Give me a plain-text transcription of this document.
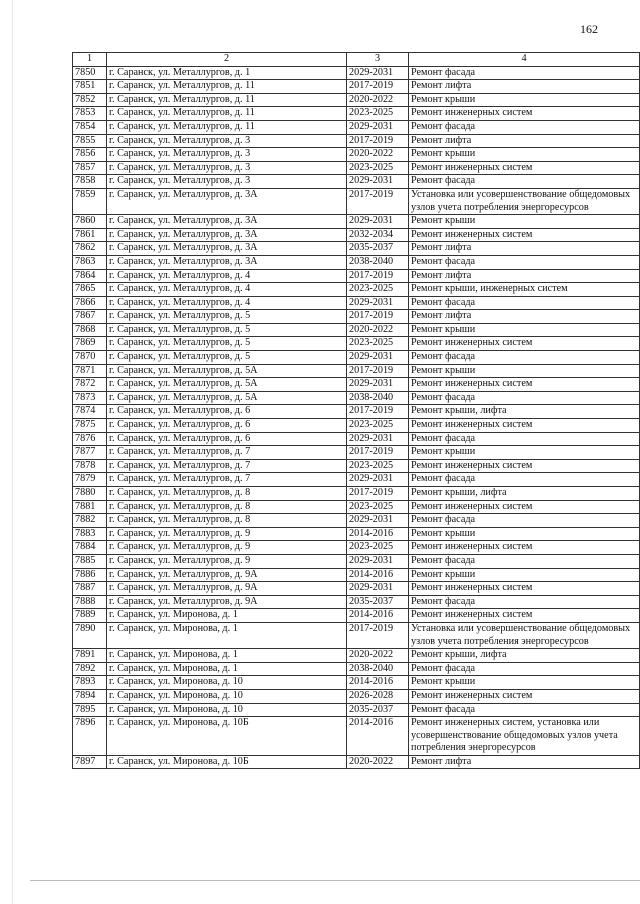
162
1	2	3	4
7850	г. Саранск, ул. Металлургов, д. 1	2029-2031	Ремонт фасада
7851	г. Саранск, ул. Металлургов, д. 11	2017-2019	Ремонт лифта
7852	г. Саранск, ул. Металлургов, д. 11	2020-2022	Ремонт крыши
7853	г. Саранск, ул. Металлургов, д. 11	2023-2025	Ремонт инженерных систем
7854	г. Саранск, ул. Металлургов, д. 11	2029-2031	Ремонт фасада
7855	г. Саранск, ул. Металлургов, д. 3	2017-2019	Ремонт лифта
7856	г. Саранск, ул. Металлургов, д. 3	2020-2022	Ремонт крыши
7857	г. Саранск, ул. Металлургов, д. 3	2023-2025	Ремонт инженерных систем
7858	г. Саранск, ул. Металлургов, д. 3	2029-2031	Ремонт фасада
7859	г. Саранск, ул. Металлургов, д. 3А	2017-2019	Установка или усовершенствование общедомовых узлов учета потребления энергоресурсов
7860	г. Саранск, ул. Металлургов, д. 3А	2029-2031	Ремонт крыши
7861	г. Саранск, ул. Металлургов, д. 3А	2032-2034	Ремонт инженерных систем
7862	г. Саранск, ул. Металлургов, д. 3А	2035-2037	Ремонт лифта
7863	г. Саранск, ул. Металлургов, д. 3А	2038-2040	Ремонт фасада
7864	г. Саранск, ул. Металлургов, д. 4	2017-2019	Ремонт лифта
7865	г. Саранск, ул. Металлургов, д. 4	2023-2025	Ремонт крыши, инженерных систем
7866	г. Саранск, ул. Металлургов, д. 4	2029-2031	Ремонт фасада
7867	г. Саранск, ул. Металлургов, д. 5	2017-2019	Ремонт лифта
7868	г. Саранск, ул. Металлургов, д. 5	2020-2022	Ремонт крыши
7869	г. Саранск, ул. Металлургов, д. 5	2023-2025	Ремонт инженерных систем
7870	г. Саранск, ул. Металлургов, д. 5	2029-2031	Ремонт фасада
7871	г. Саранск, ул. Металлургов, д. 5А	2017-2019	Ремонт крыши
7872	г. Саранск, ул. Металлургов, д. 5А	2029-2031	Ремонт инженерных систем
7873	г. Саранск, ул. Металлургов, д. 5А	2038-2040	Ремонт фасада
7874	г. Саранск, ул. Металлургов, д. 6	2017-2019	Ремонт крыши, лифта
7875	г. Саранск, ул. Металлургов, д. 6	2023-2025	Ремонт инженерных систем
7876	г. Саранск, ул. Металлургов, д. 6	2029-2031	Ремонт фасада
7877	г. Саранск, ул. Металлургов, д. 7	2017-2019	Ремонт крыши
7878	г. Саранск, ул. Металлургов, д. 7	2023-2025	Ремонт инженерных систем
7879	г. Саранск, ул. Металлургов, д. 7	2029-2031	Ремонт фасада
7880	г. Саранск, ул. Металлургов, д. 8	2017-2019	Ремонт крыши, лифта
7881	г. Саранск, ул. Металлургов, д. 8	2023-2025	Ремонт инженерных систем
7882	г. Саранск, ул. Металлургов, д. 8	2029-2031	Ремонт фасада
7883	г. Саранск, ул. Металлургов, д. 9	2014-2016	Ремонт крыши
7884	г. Саранск, ул. Металлургов, д. 9	2023-2025	Ремонт инженерных систем
7885	г. Саранск, ул. Металлургов, д. 9	2029-2031	Ремонт фасада
7886	г. Саранск, ул. Металлургов, д. 9А	2014-2016	Ремонт крыши
7887	г. Саранск, ул. Металлургов, д. 9А	2029-2031	Ремонт инженерных систем
7888	г. Саранск, ул. Металлургов, д. 9А	2035-2037	Ремонт фасада
7889	г. Саранск, ул. Миронова, д. 1	2014-2016	Ремонт инженерных систем
7890	г. Саранск, ул. Миронова, д. 1	2017-2019	Установка или усовершенствование общедомовых узлов учета потребления энергоресурсов
7891	г. Саранск, ул. Миронова, д. 1	2020-2022	Ремонт крыши, лифта
7892	г. Саранск, ул. Миронова, д. 1	2038-2040	Ремонт фасада
7893	г. Саранск, ул. Миронова, д. 10	2014-2016	Ремонт крыши
7894	г. Саранск, ул. Миронова, д. 10	2026-2028	Ремонт инженерных систем
7895	г. Саранск, ул. Миронова, д. 10	2035-2037	Ремонт фасада
7896	г. Саранск, ул. Миронова, д. 10Б	2014-2016	Ремонт инженерных систем, установка или усовершенствование общедомовых узлов учета потребления энергоресурсов
7897	г. Саранск, ул. Миронова, д. 10Б	2020-2022	Ремонт лифта
